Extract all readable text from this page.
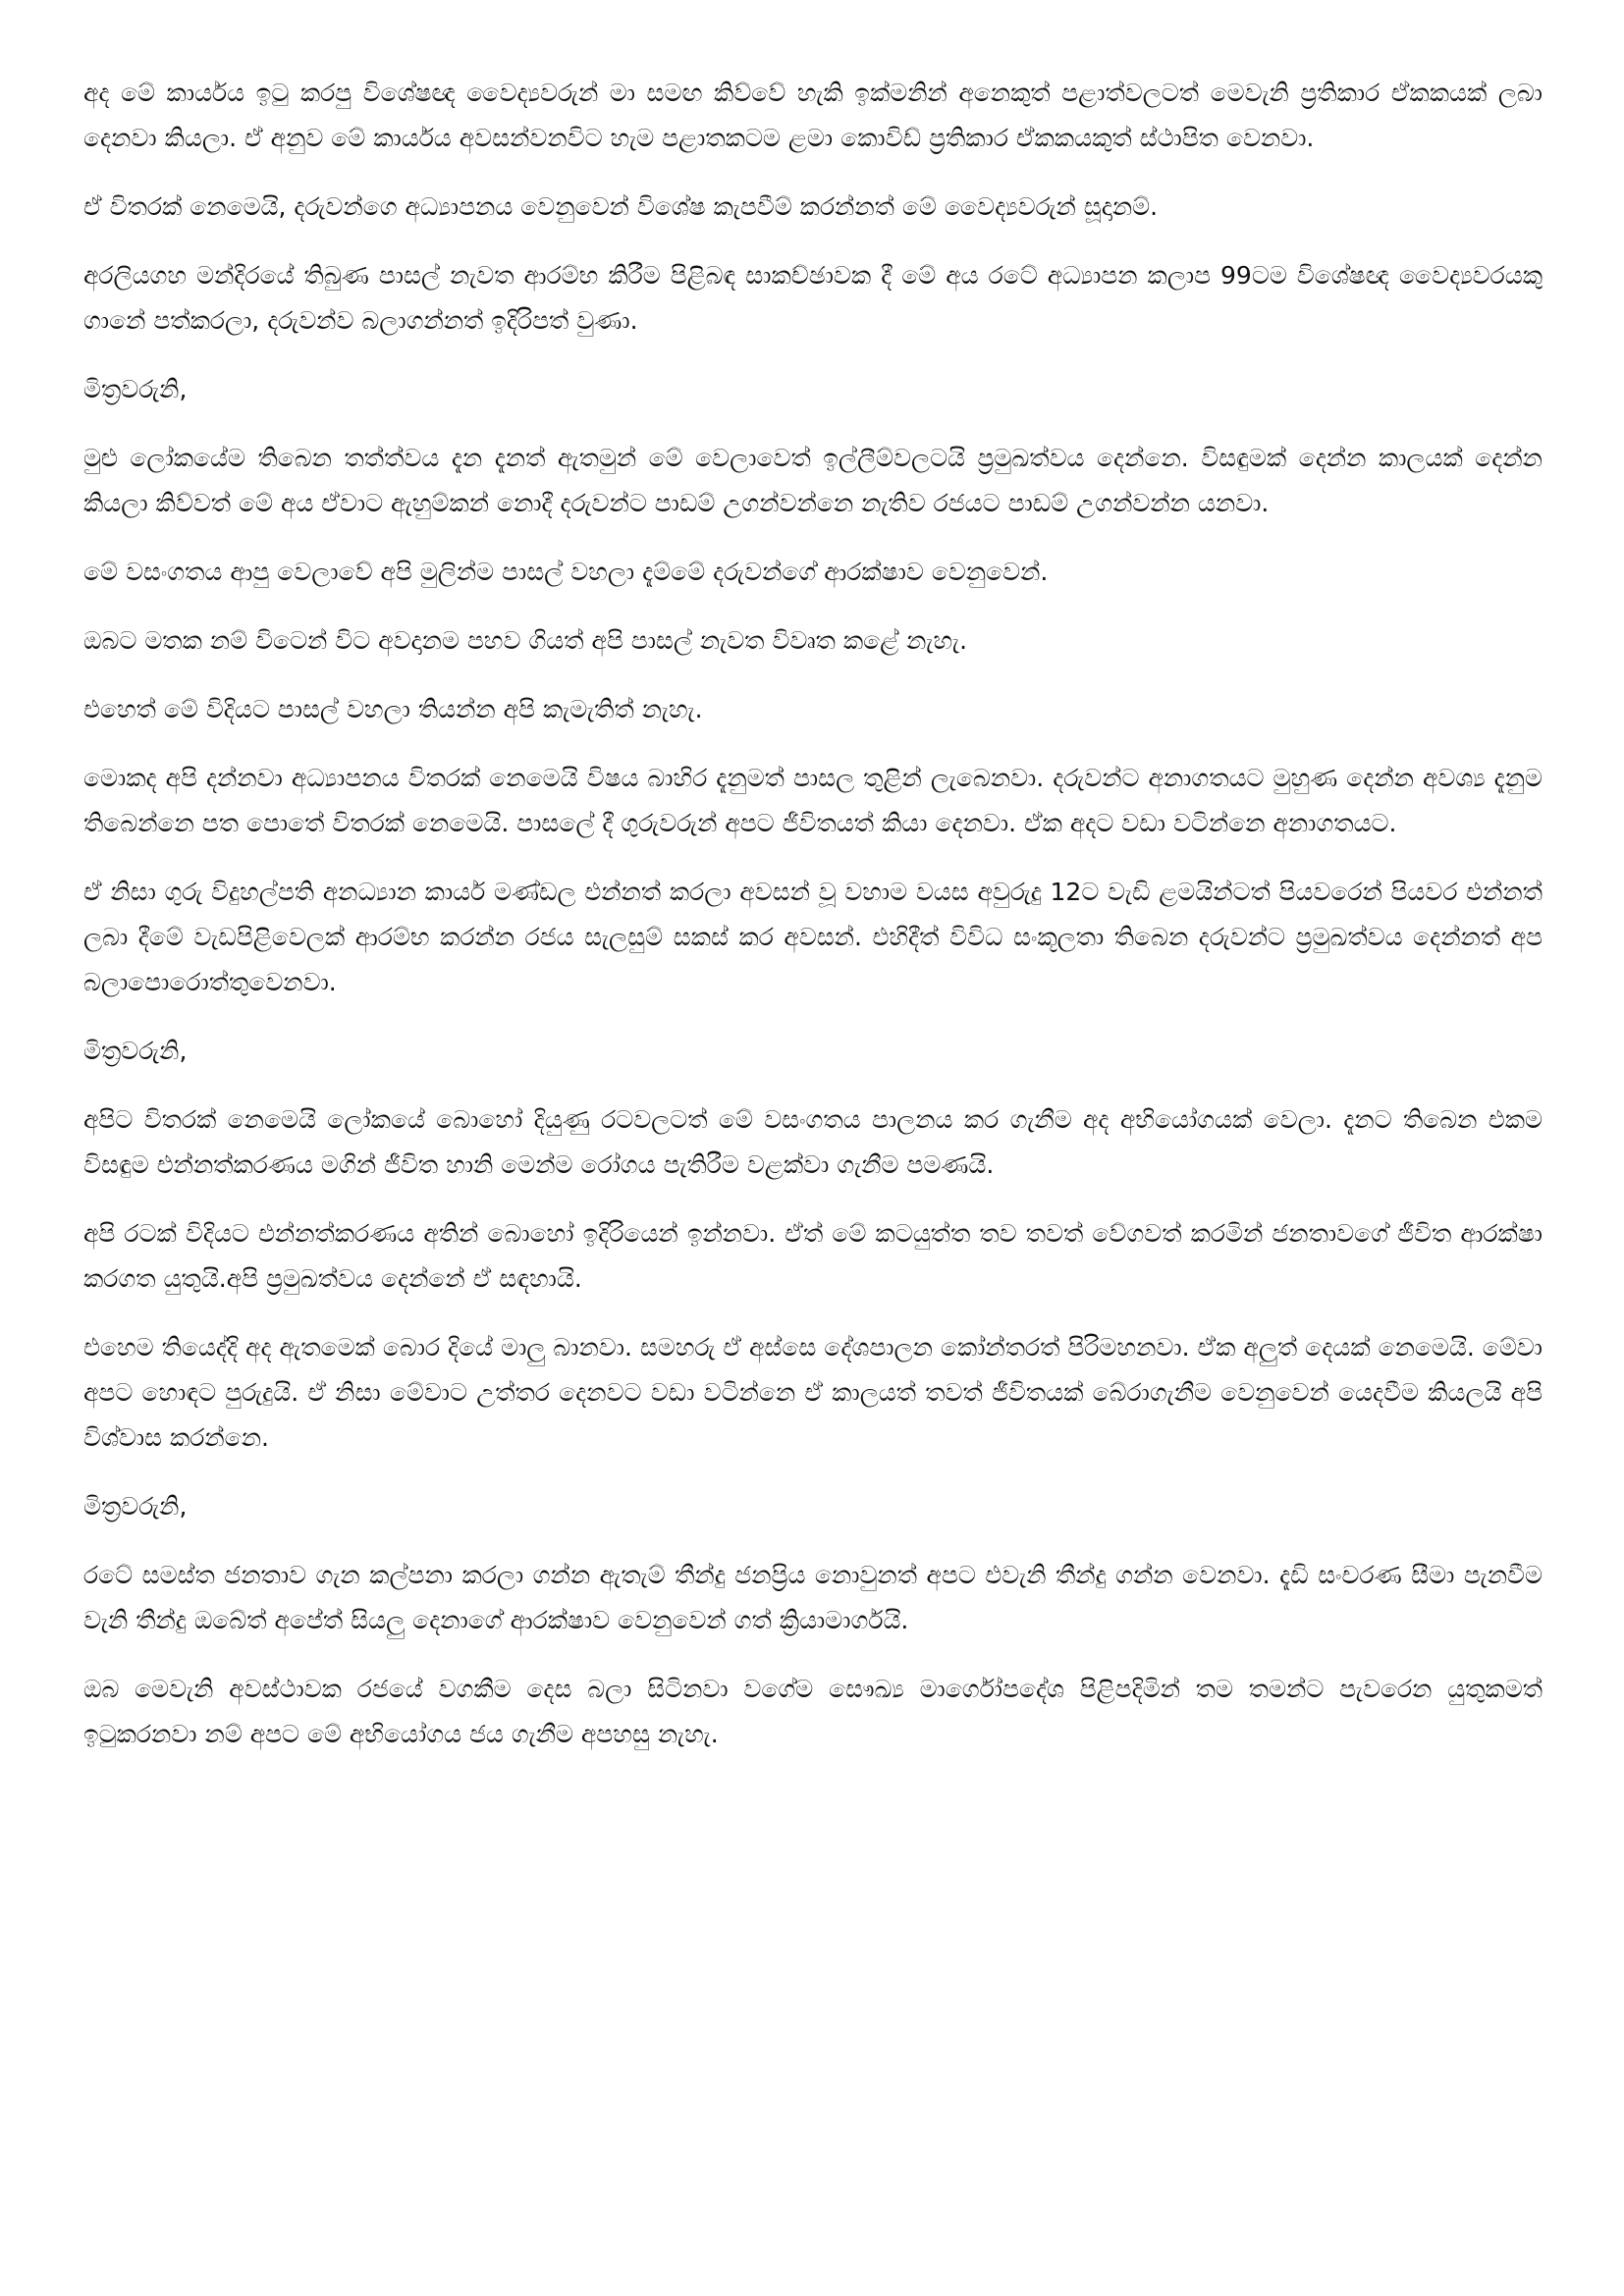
අද මේ කාර්යය ඉටු කරපු විශේෂඥ වෛද්‍යවරුන් මා සමඟ කිව්වේ හැකි ඉක්මනින් අනෙකුත් පළාත්වලටත් මෙවැනි ප්‍රතිකාර ඒකකයක් ලබා දෙනවා කියලා. ඒ අනුව මේ කාර්යය අවසන්වනවිට හැම පළාතකටම ළමා කොවිඩ් ප්‍රතිකාර ඒකකයකුත් ස්ථාපිත වෙනවා.

ඒ විතරක් නෙමෙයි, දරුවන්ගෙ අධ්‍යාපනය වෙනුවෙන් විශේෂ කැපවීම් කරන්නත් මේ වෛද්‍යවරුන් සූදානම්.

අරලියගහ මන්දිරයේ තිබුණ පාසල් නැවත ආරම්භ කිරීම පිළිබඳ සාකච්ඡාවක දී මේ අය රටේ අධ්‍යාපන කලාප 99ටම විශේෂඥ වෛද්‍යවරයකු ගානේ පත්කරලා, දරුවන්ව බලාගන්නත් ඉදිරිපත් වුණා.

මිත්‍රවරුනි,

මුළු ලෝකයේම තිබෙන තත්ත්වය දැන දැනත් ඇතමුන් මේ වෙලාවෙත් ඉල්ලීම්වලටයි ප්‍රමුඛත්වය දෙන්නෙ. විසඳුමක් දෙන්න කාලයක් දෙන්න කියලා කිව්වත් මේ අය ඒවාට ඇහුම්කන් නොදී දරුවන්ට පාඩම් උගන්වන්නෙ නැතිව රජයට පාඩම් උගන්වන්න යනවා.

මේ වසංගතය ආපු වෙලාවේ අපි මුලින්ම පාසල් වහලා දැම්මේ දරුවන්ගේ ආරක්ෂාව වෙනුවෙන්.

ඔබට මතක නම් විටෙන් විට අවදානම පහව ගියත් අපි පාසල් නැවත විවෘත කළේ නැහැ.

එහෙත් මේ විදියට පාසල් වහලා තියන්න අපි කැමැතිත් නැහැ.

මොකද අපි දන්නවා අධ්‍යාපනය විතරක් නෙමෙයි විෂය බාහිර දැනුමත් පාසල තුළින් ලැබෙනවා. දරුවන්ට අනාගතයට මුහුණ දෙන්න අවශ්‍ය දැනුම තිබෙන්නෙ පත පොතේ විතරක් නෙමෙයි. පාසලේ දී ගුරුවරුන් අපට ජීවිතයත් කියා දෙනවා. ඒක අදට වඩා වටින්නෙ අනාගතයට.

ඒ නිසා ගුරු විදුහල්පති අනධ්‍යාන කාර්ය මණ්ඩල එන්නත් කරලා අවසන් වූ වහාම වයස අවුරුදු 12ට වැඩි ළමයින්ටත් පියවරෙන් පියවර එන්නත් ලබා දීමේ වැඩපිළිවෙලක් ආරම්භ කරන්න රජය සැලසුම් සකස් කර අවසන්. එහිදීත් විවිධ සංකූලතා තිබෙන දරුවන්ට ප්‍රමුඛත්වය දෙන්නත් අප බලාපොරොත්තුවෙනවා.

මිත්‍රවරුනි,

අපිට විතරක් නෙමෙයි ලෝකයේ බොහෝ දියුණු රටවලටත් මේ වසංගතය පාලනය කර ගැනීම අද අභියෝගයක් වෙලා. දැනට තිබෙන එකම විසඳුම එන්නත්කරණය මගින් ජීවිත හානි මෙන්ම රෝගය පැතිරීම වළක්වා ගැනීම පමණයි.

අපි රටක් විදියට එන්නත්කරණය අතින් බොහෝ ඉදිරියෙන් ඉන්නවා. ඒත් මේ කටයුත්ත තව තවත් වේගවත් කරමින් ජනතාවගේ ජීවිත ආරක්ෂා කරගත යුතුයි.අපි ප්‍රමුඛත්වය දෙන්නේ ඒ සඳහායි.

එහෙම තියෙද්දි අද ඇතමෙක් බොර දියේ මාලු බානවා. සමහරු ඒ අස්සෙ දේශපාලන කෝන්තරත් පිරිමහනවා. ඒක අලුත් දෙයක් නෙමෙයි. මේවා අපට හොඳට පුරුදුයි. ඒ නිසා මේවාට උත්තර දෙනවට වඩා වටින්නෙ ඒ කාලයත් තවත් ජීවිතයක් බේරාගැනීම වෙනුවෙන් යෙදවීම කියලයි අපි විශ්වාස කරන්නෙ.

මිත්‍රවරුනි,

රටේ සමස්ත ජනතාව ගැන කල්පනා කරලා ගන්න ඇතැම් තීන්දු ජනප්‍රිය නොවුනත් අපට එවැනි තීන්දු ගන්න වෙනවා. දැඩි සංචරණ සීමා පැනවීම වැනි තීන්දු ඔබේත් අපේත් සියලු දෙනාගේ ආරක්ෂාව වෙනුවෙන් ගත් ක්‍රියාමාර්ගයි.

ඔබ මෙවැනි අවස්ථාවක රජයේ වගකීම දෙස බලා සිටිනවා වගේම සෞඛ්‍ය මාර්ගෝපදේශ පිළිපදිමින් තම තමන්ට පැවරෙන යුතුකමත් ඉටුකරනවා නම් අපට මේ අභියෝගය ජය ගැනීම අපහසු නැහැ.
